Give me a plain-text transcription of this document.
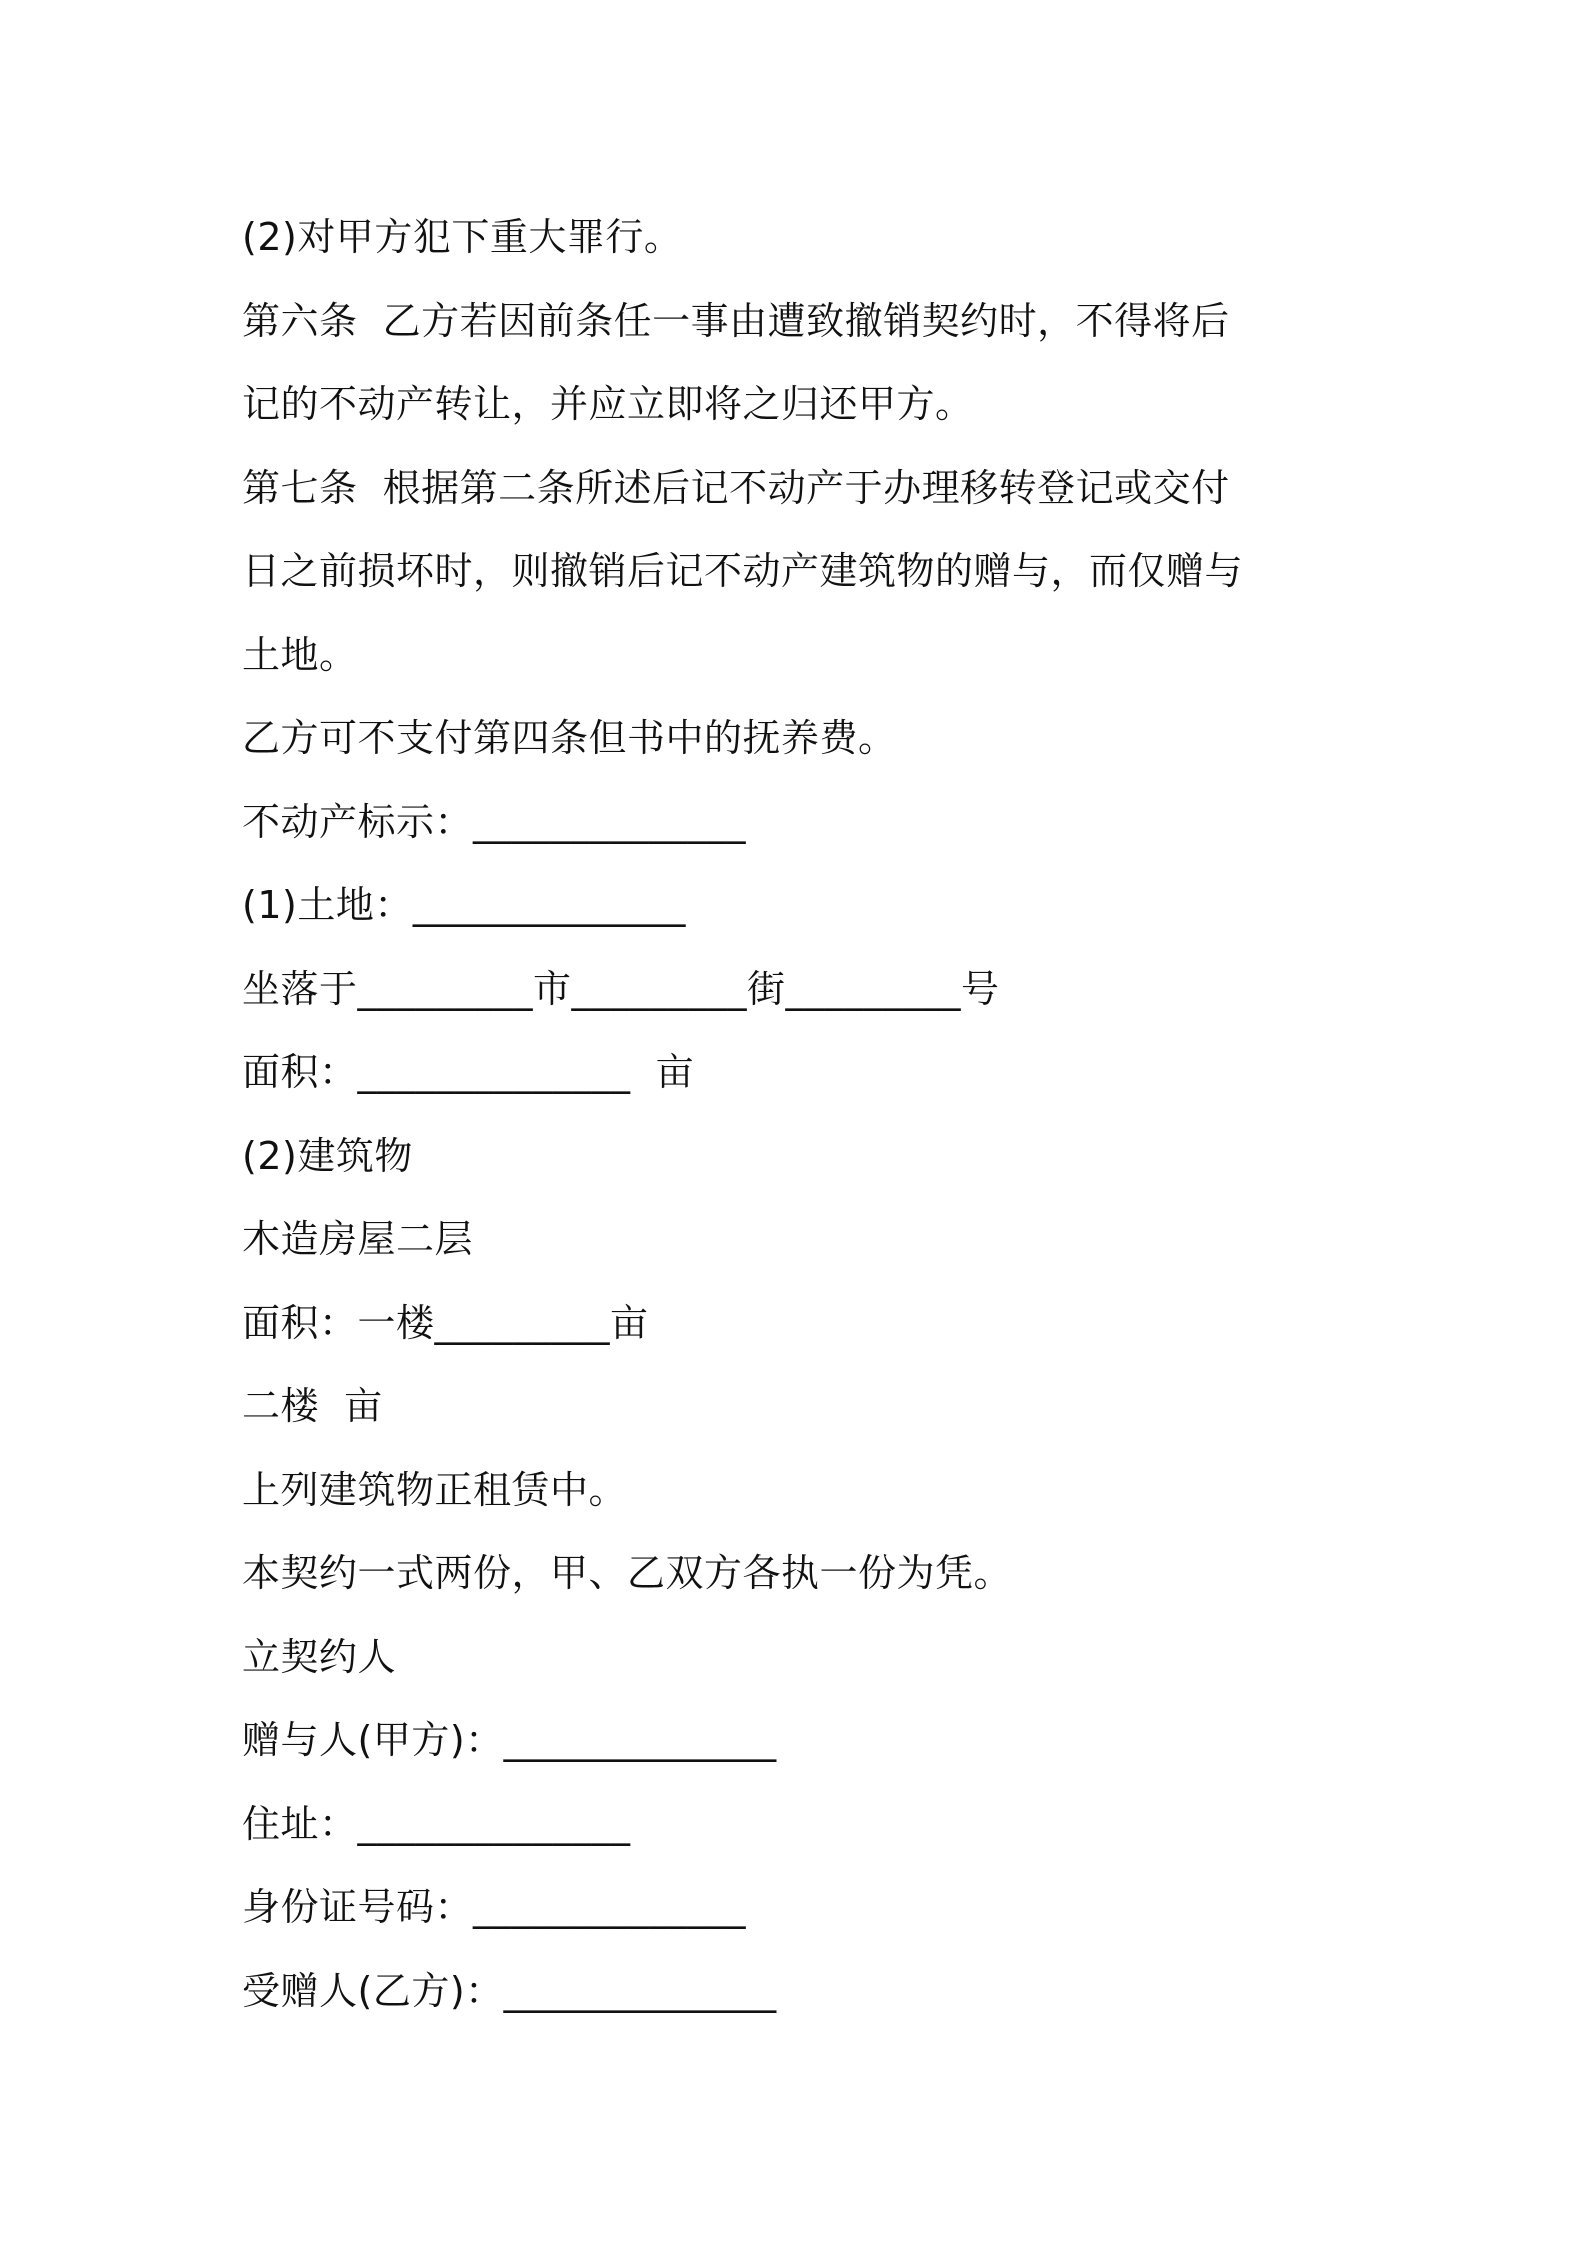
(2)对甲方犯下重大罪行。

第六条  乙方若因前条任一事由遭致撤销契约时，不得将后

记的不动产转让，并应立即将之归还甲方。

第七条  根据第二条所述后记不动产于办理移转登记或交付

日之前损坏时，则撤销后记不动产建筑物的赠与，而仅赠与

土地。

乙方可不支付第四条但书中的抚养费。

不动产标示：______________

(1)土地：______________

坐落于_________市_________街_________号

面积：______________  亩

(2)建筑物

木造房屋二层

面积：一楼_________亩

二楼  亩

上列建筑物正租赁中。

本契约一式两份，甲、乙双方各执一份为凭。

立契约人

赠与人(甲方)：______________

住址：______________

身份证号码：______________

受赠人(乙方)：______________
